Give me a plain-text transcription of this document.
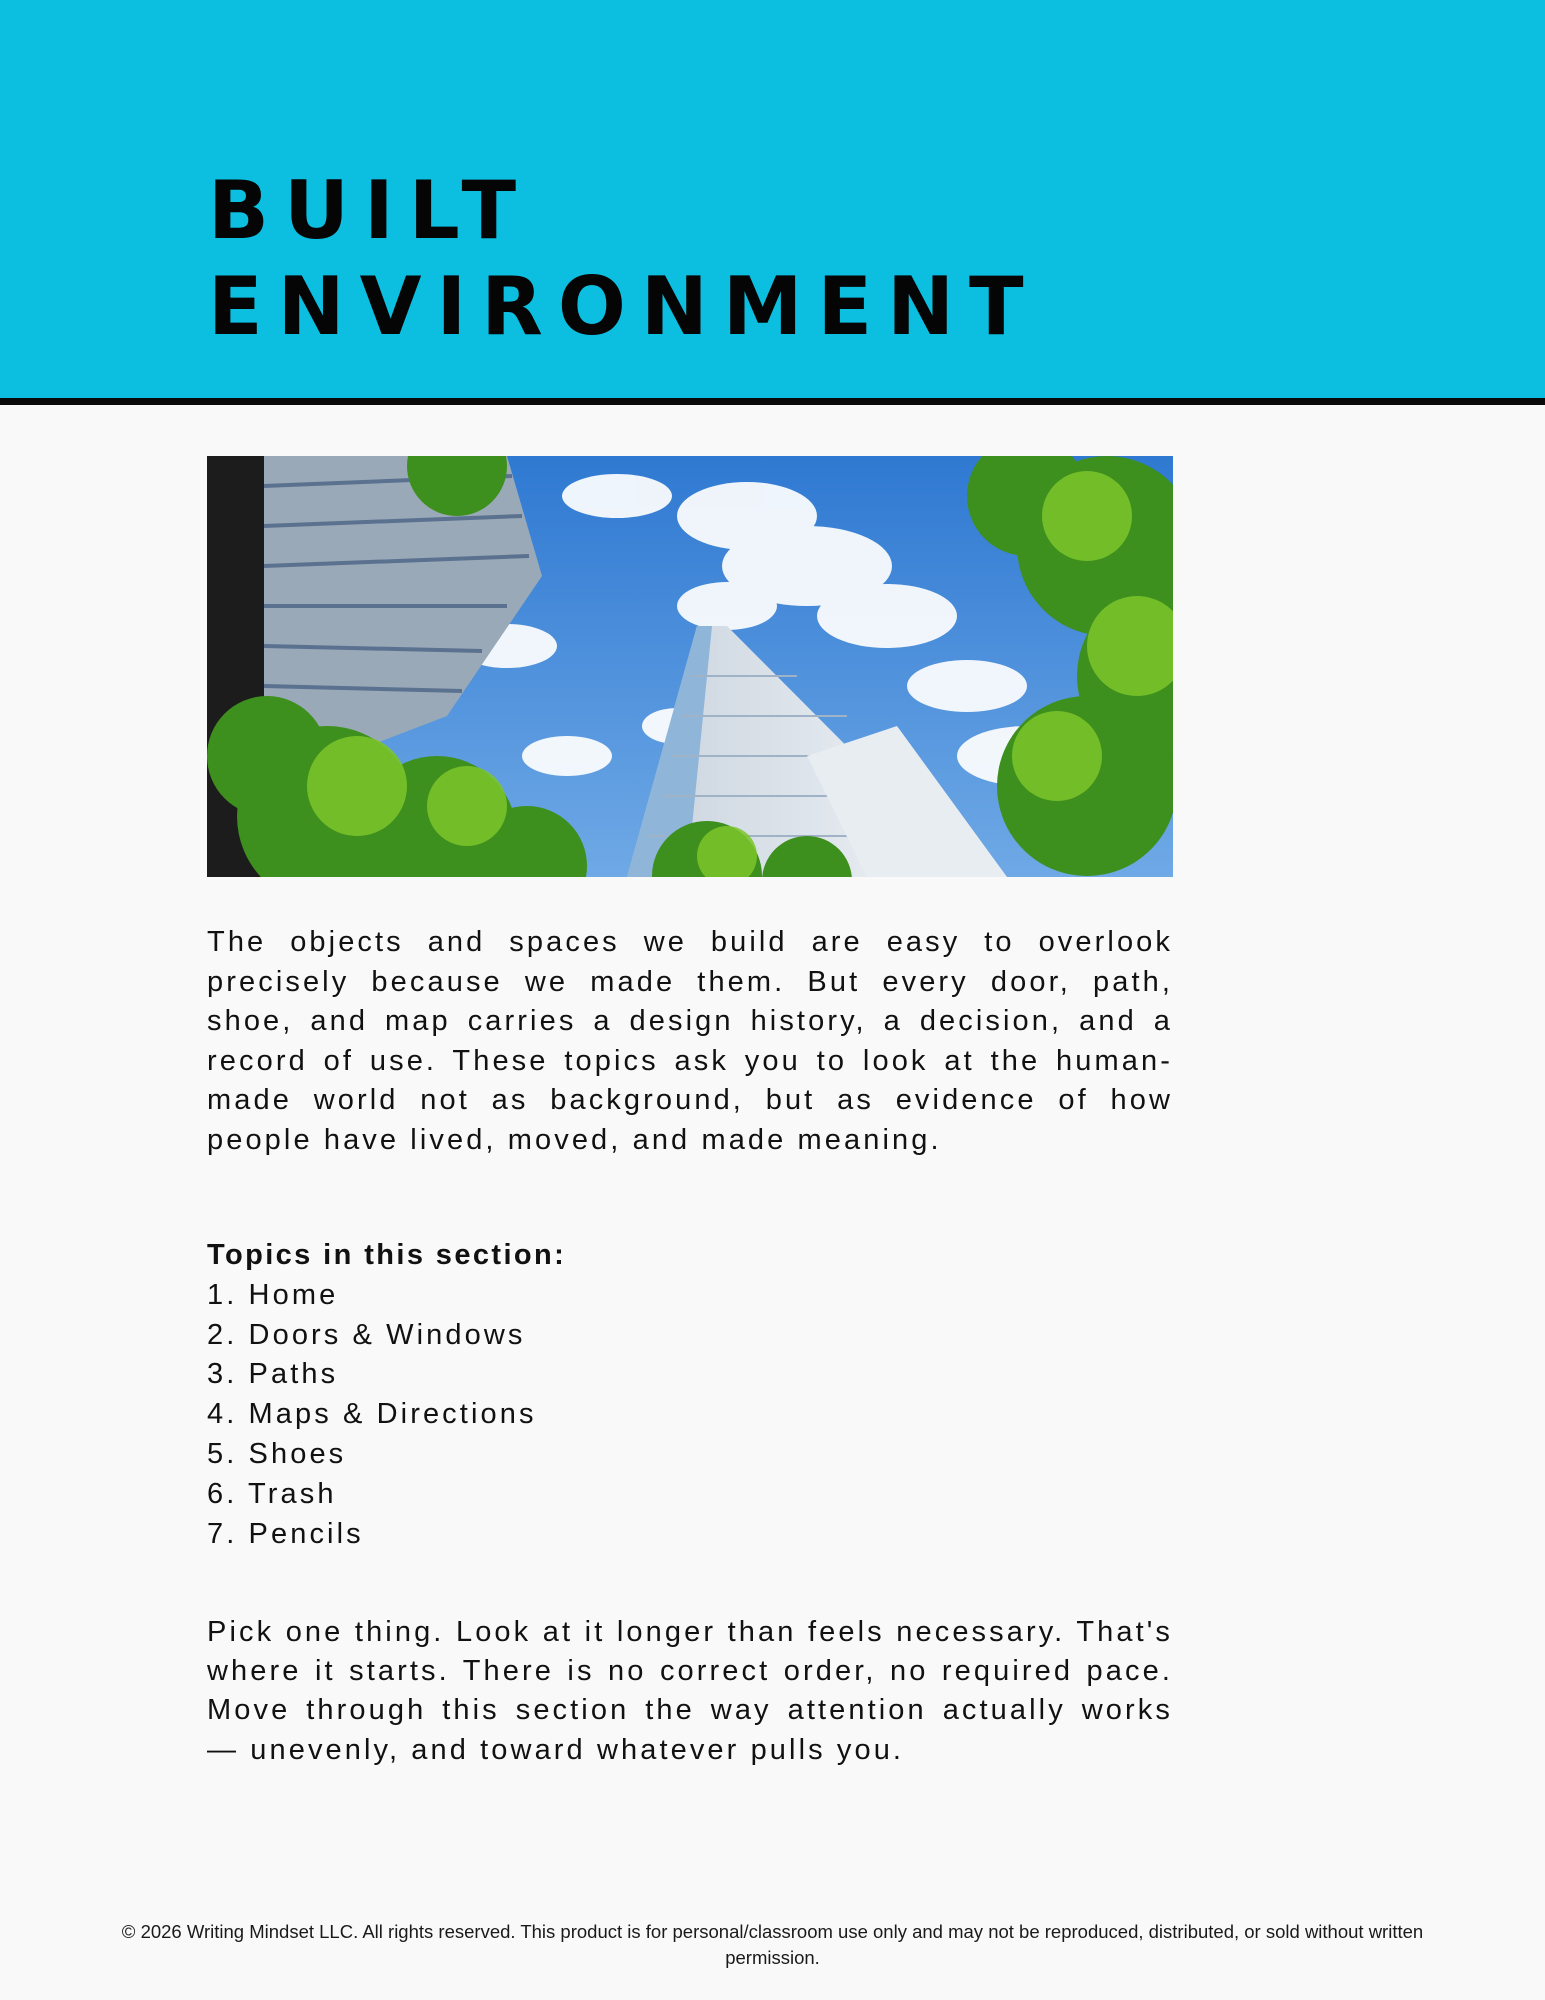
BUILT
ENVIRONMENT

The objects and spaces we build are easy to overlook precisely because we made them. But every door, path, shoe, and map carries a design history, a decision, and a record of use. These topics ask you to look at the human-made world not as background, but as evidence of how people have lived, moved, and made meaning.

Topics in this section:
1. Home
2. Doors & Windows
3. Paths
4. Maps & Directions
5. Shoes
6. Trash
7. Pencils

Pick one thing. Look at it longer than feels necessary. That's where it starts. There is no correct order, no required pace. Move through this section the way attention actually works — unevenly, and toward whatever pulls you.

© 2026 Writing Mindset LLC. All rights reserved. This product is for personal/classroom use only and may not be reproduced, distributed, or sold without written
permission.
